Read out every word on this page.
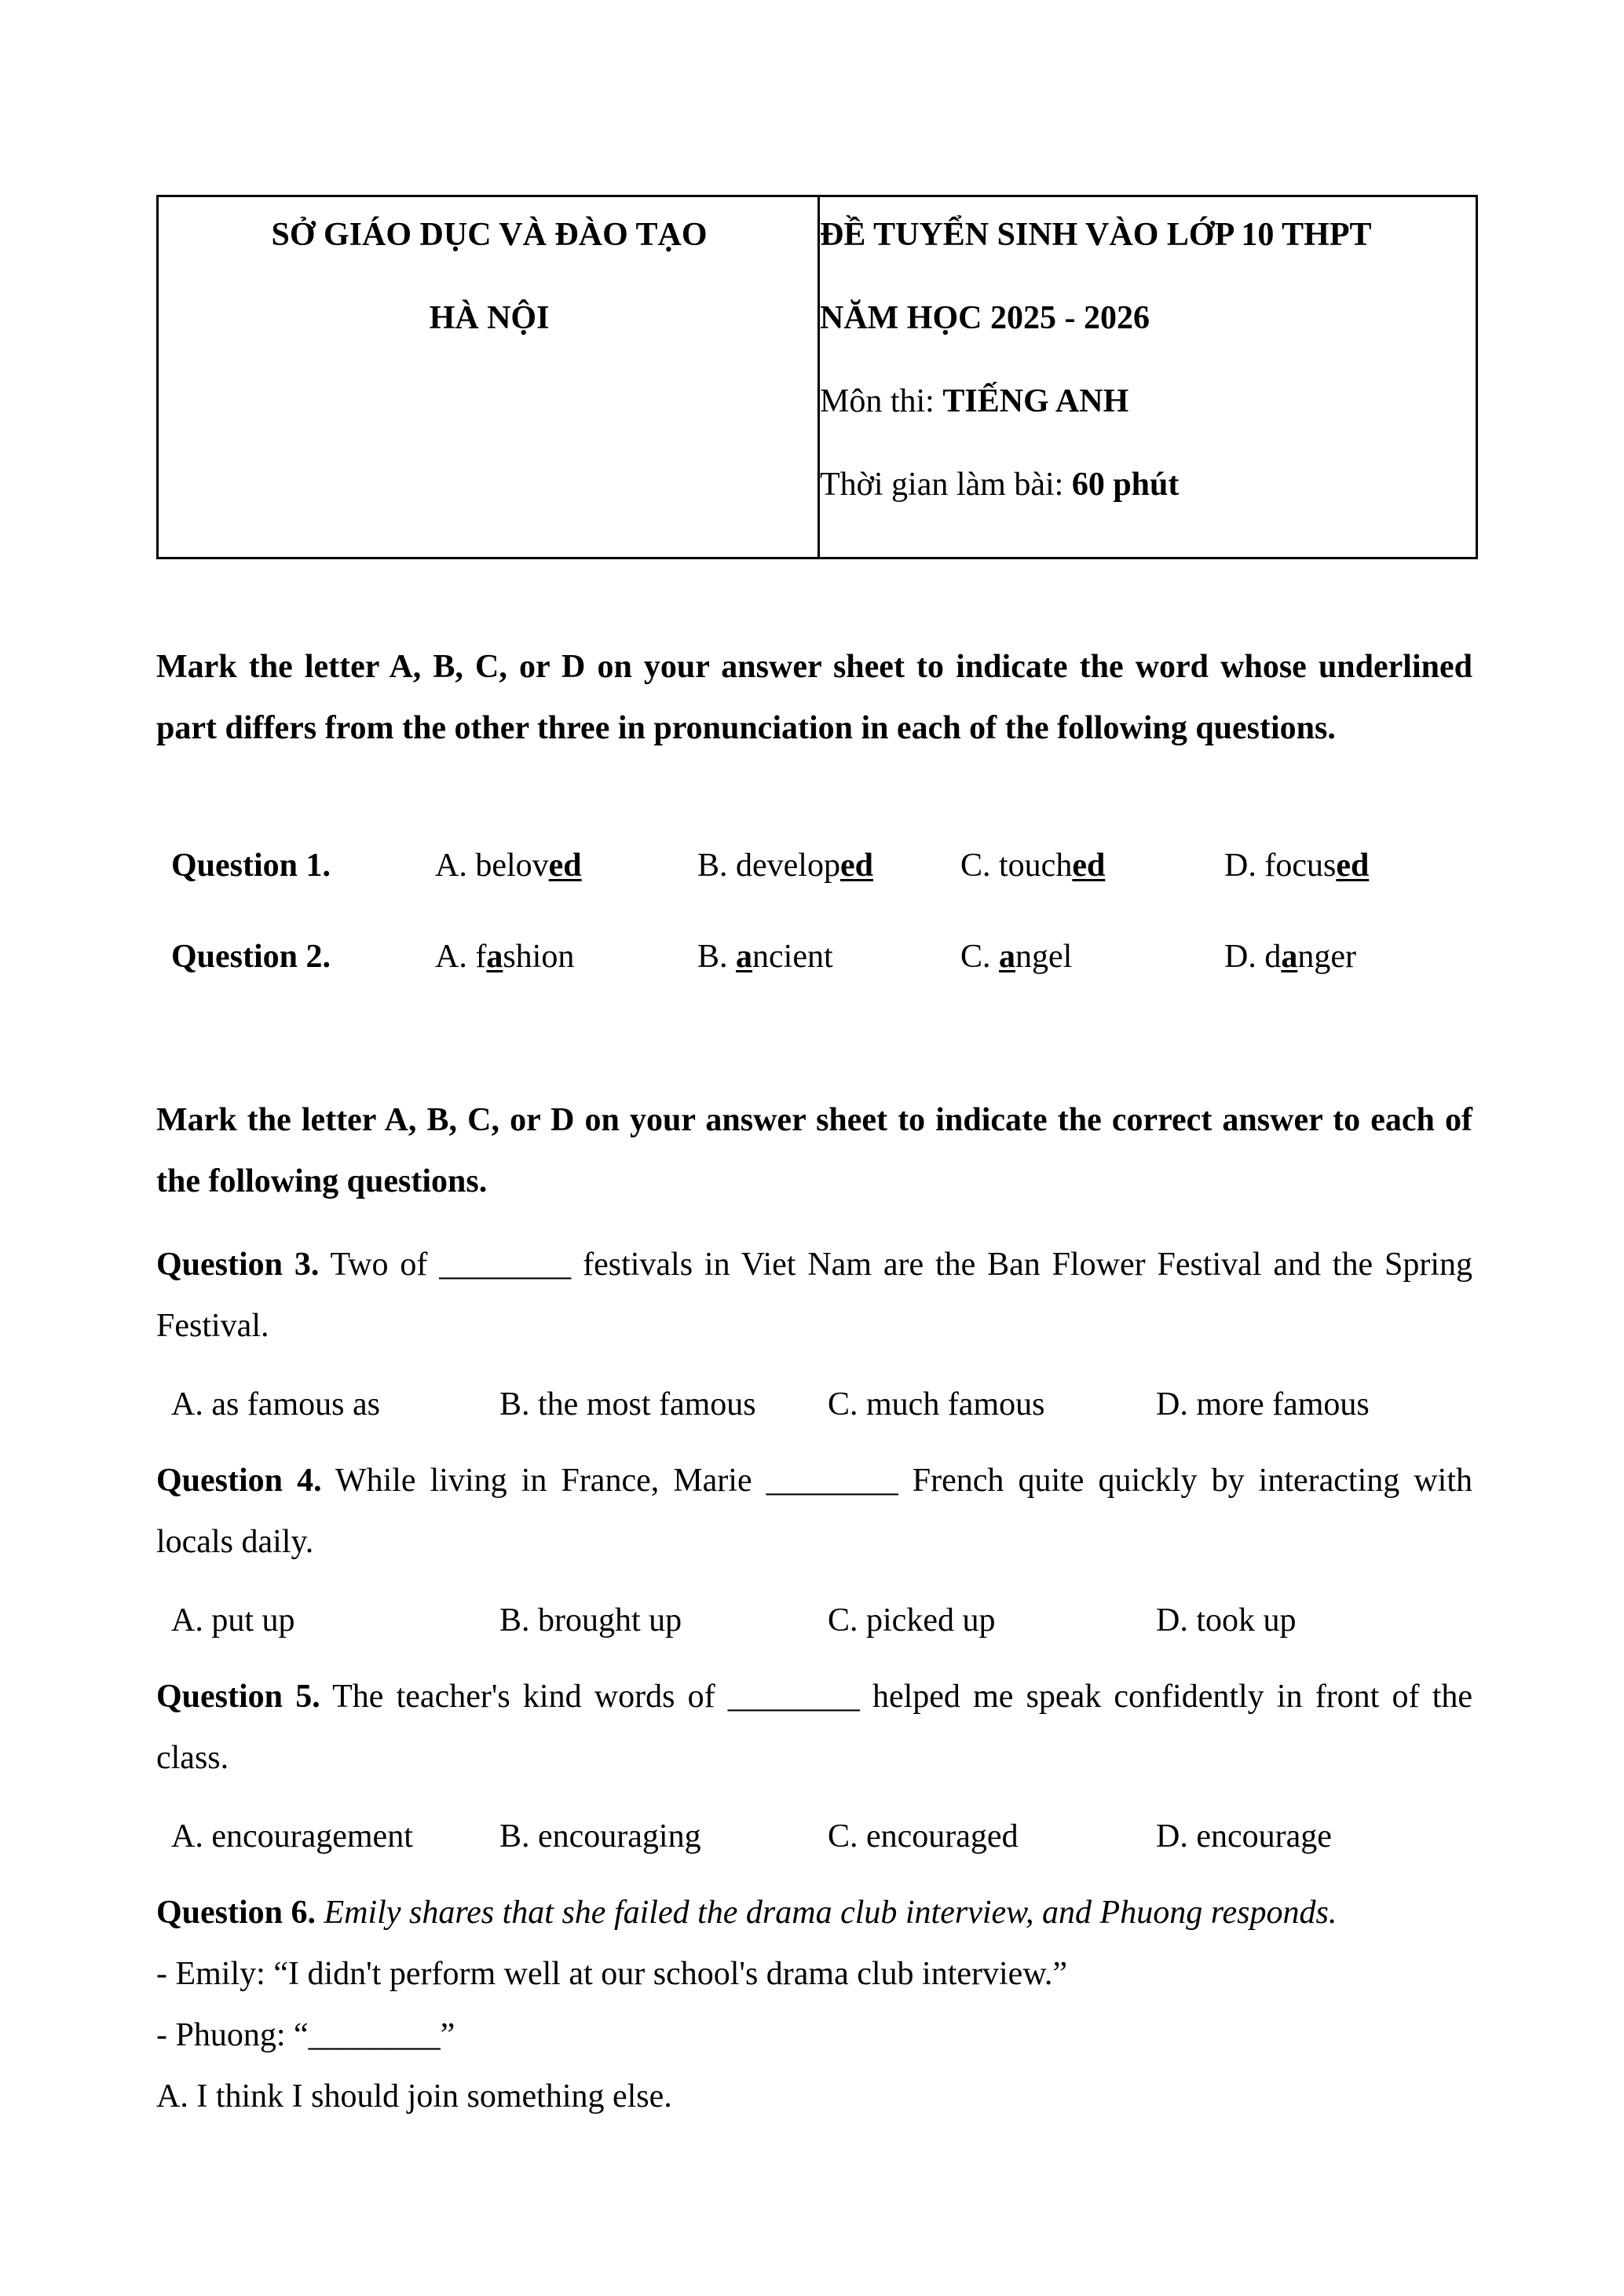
SỞ GIÁO DỤC VÀ ĐÀO TẠO
HÀ NỘI
ĐỀ TUYỂN SINH VÀO LỚP 10 THPT
NĂM HỌC 2025 - 2026
Môn thi: TIẾNG ANH
Thời gian làm bài: 60 phút
Mark the letter A, B, C, or D on your answer sheet to indicate the word whose underlined part differs from the other three in pronunciation in each of the following questions.
Question 1.	A. beloved	B. developed	C. touched	D. focused
Question 2.	A. fashion	B. ancient	C. angel	D. danger
Mark the letter A, B, C, or D on your answer sheet to indicate the correct answer to each of the following questions.
Question 3. Two of ________ festivals in Viet Nam are the Ban Flower Festival and the Spring Festival.
A. as famous as	B. the most famous C. much famous	D. more famous
Question 4. While living in France, Marie ________ French quite quickly by interacting with locals daily.
A. put up	B. brought up	C. picked up	D. took up
Question 5. The teacher's kind words of ________ helped me speak confidently in front of the class.
A. encouragement	B. encouraging	C. encouraged	D. encourage
Question 6. Emily shares that she failed the drama club interview, and Phuong responds.
- Emily: “I didn't perform well at our school's drama club interview.”
- Phuong: “________”
A. I think I should join something else.
